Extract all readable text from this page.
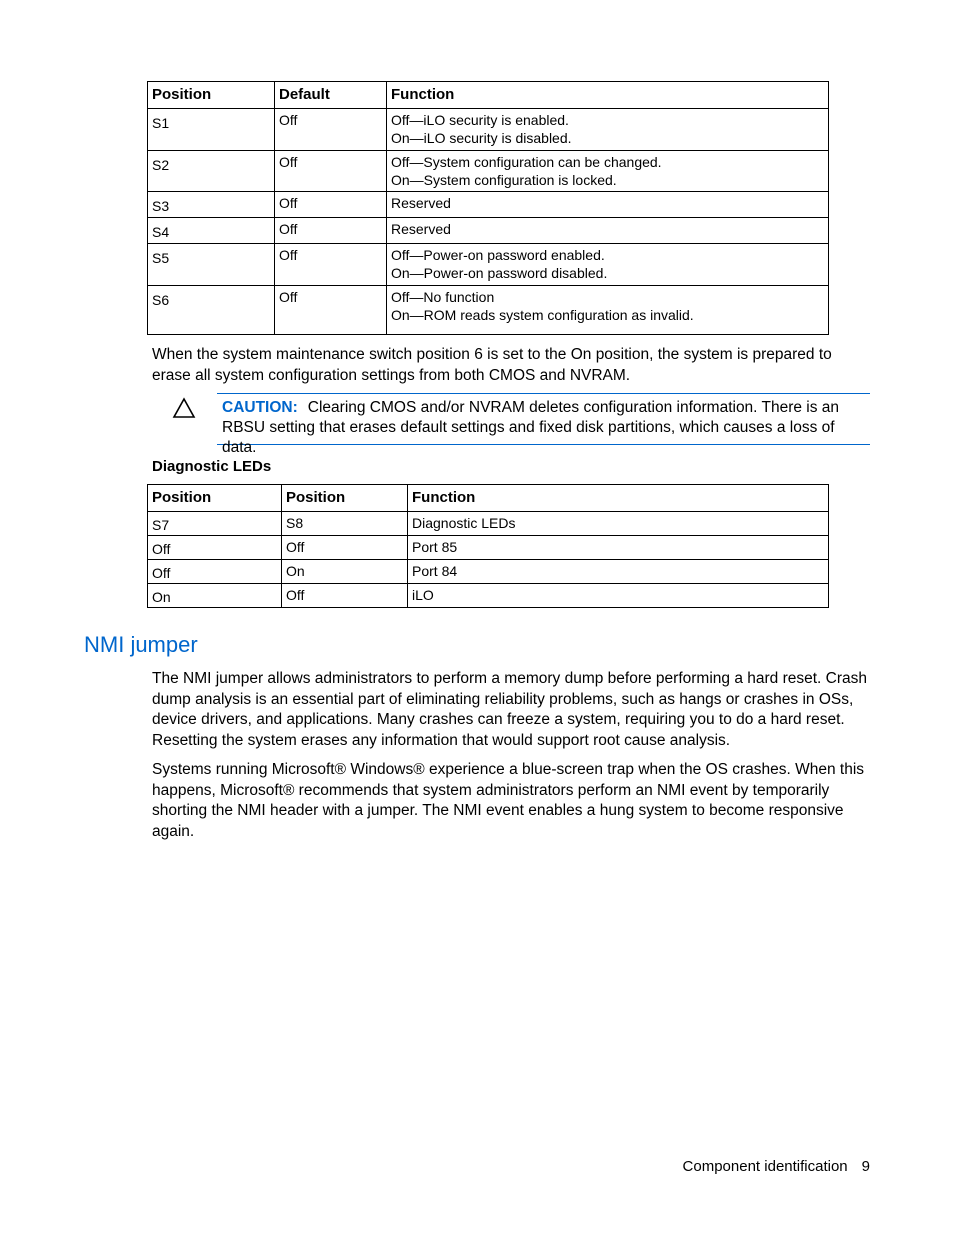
Position	Default	Function
S1	Off	Off—iLO security is enabled.
On—iLO security is disabled.

S2	Off	Off—System configuration can be changed.
On—System configuration is locked.

S3	Off	Reserved

S4	Off	Reserved

S5	Off	Off—Power-on password enabled.
On—Power-on password disabled.

S6	Off	Off—No function
On—ROM reads system configuration as invalid.

When the system maintenance switch position 6 is set to the On position, the system is prepared to erase all system configuration settings from both CMOS and NVRAM.

CAUTION: Clearing CMOS and/or NVRAM deletes configuration information. There is an RBSU setting that erases default settings and fixed disk partitions, which causes a loss of data.

Diagnostic LEDs

Position	Position	Function
S7	S8	Diagnostic LEDs
Off	Off	Port 85
Off	On	Port 84
On	Off	iLO
NMI jumper

The NMI jumper allows administrators to perform a memory dump before performing a hard reset. Crash dump analysis is an essential part of eliminating reliability problems, such as hangs or crashes in OSs, device drivers, and applications. Many crashes can freeze a system, requiring you to do a hard reset. Resetting the system erases any information that would support root cause analysis.

Systems running Microsoft® Windows® experience a blue-screen trap when the OS crashes. When this happens, Microsoft® recommends that system administrators perform an NMI event by temporarily shorting the NMI header with a jumper. The NMI event enables a hung system to become responsive again.

Component identification 9
